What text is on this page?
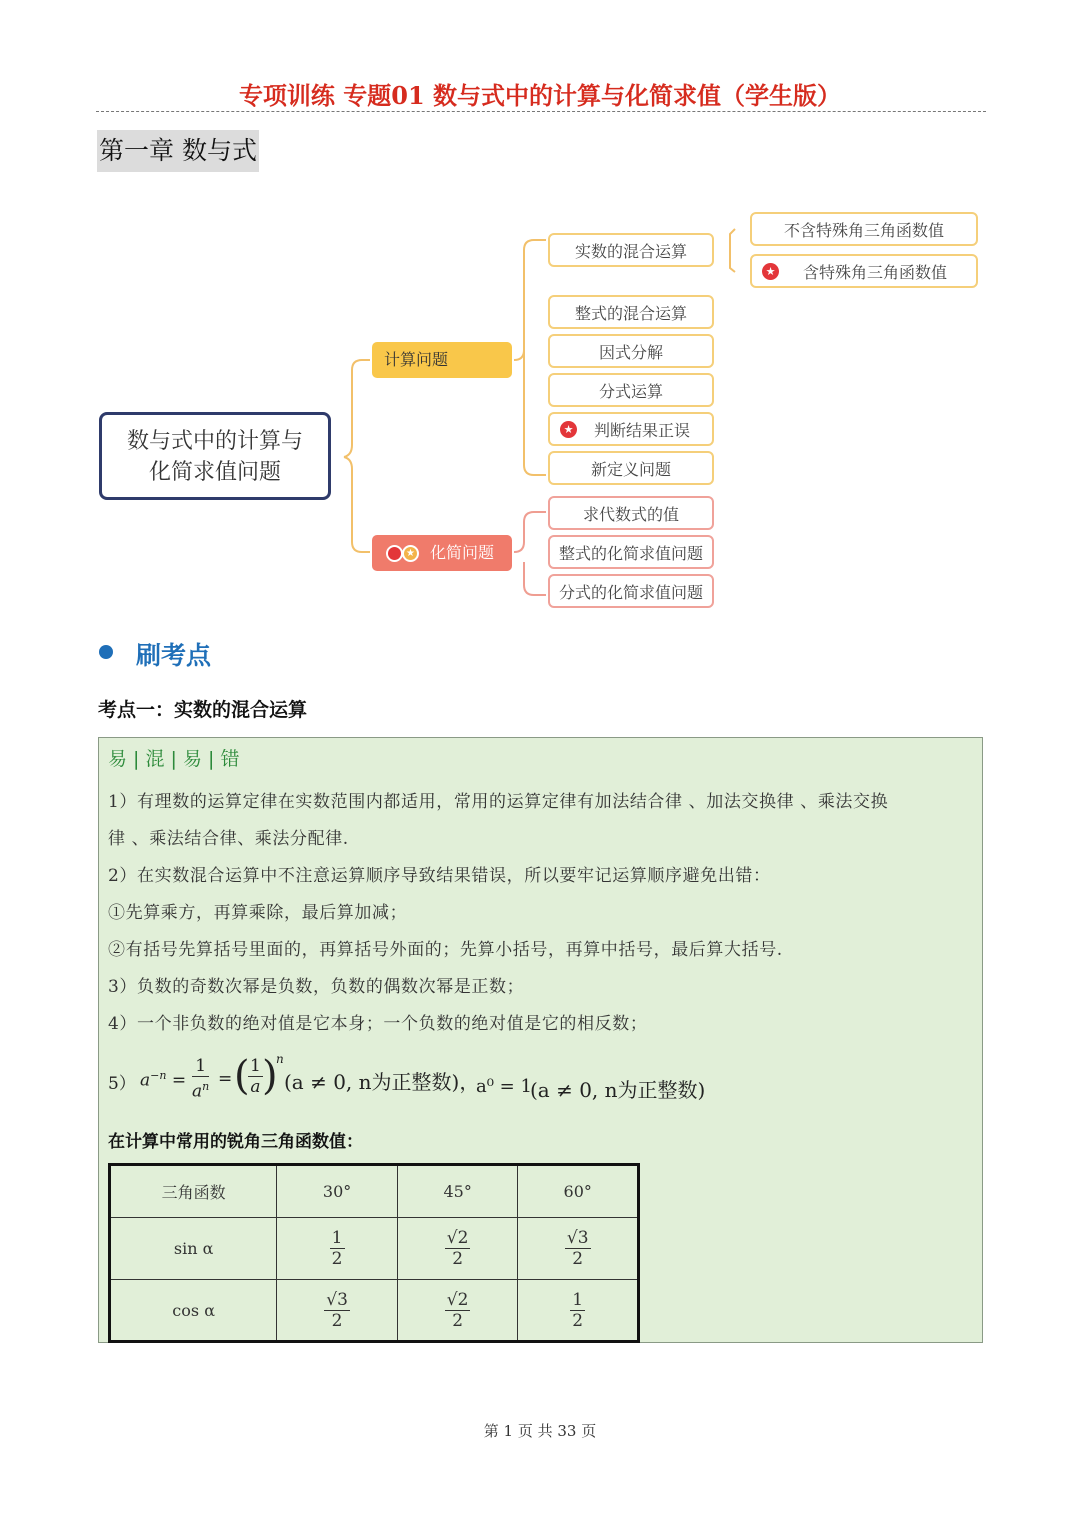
专项训练 专题01 数与式中的计算与化简求值（学生版）
第一章 数与式
数与式中的计算与
化简求值问题
计算问题
★ 化简问题
实数的混合运算
整式的混合运算
因式分解
分式运算
★ 判断结果正误
新定义问题
不含特殊角三角函数值
★ 含特殊角三角函数值
求代数式的值
整式的化简求值问题
分式的化简求值问题
刷考点
考点一：实数的混合运算
易 | 混 | 易 | 错
1）有理数的运算定律在实数范围内都适用，常用的运算定律有加法结合律 、加法交换律 、乘法交换
律 、乘法结合律、乘法分配律.
2）在实数混合运算中不注意运算顺序导致结果错误，所以要牢记运算顺序避免出错：
①先算乘方，再算乘除，最后算加减；
②有括号先算括号里面的，再算括号外面的；先算小括号，再算中括号，最后算大括号.
3）负数的奇数次幂是负数，负数的偶数次幂是正数；
4）一个非负数的绝对值是它本身；一个负数的绝对值是它的相反数；
5） $a^{-n} = \frac{1}{a^n}$ = (
$\frac{1}{a}$ )
n
(a ≠ 0, n为正整数)，
a⁰ = 1
(a ≠ 0, n为正整数)
在计算中常用的锐角三角函数值：
三角函数	30°	45°	60°
sin α	$\frac{1}{2}$	$\frac{√2}{2}$	$\frac{√3}{2}$

cos α	$\frac{√3}{2}$	$\frac{√2}{2}$	$\frac{1}{2}$
第 1 页 共 33 页
